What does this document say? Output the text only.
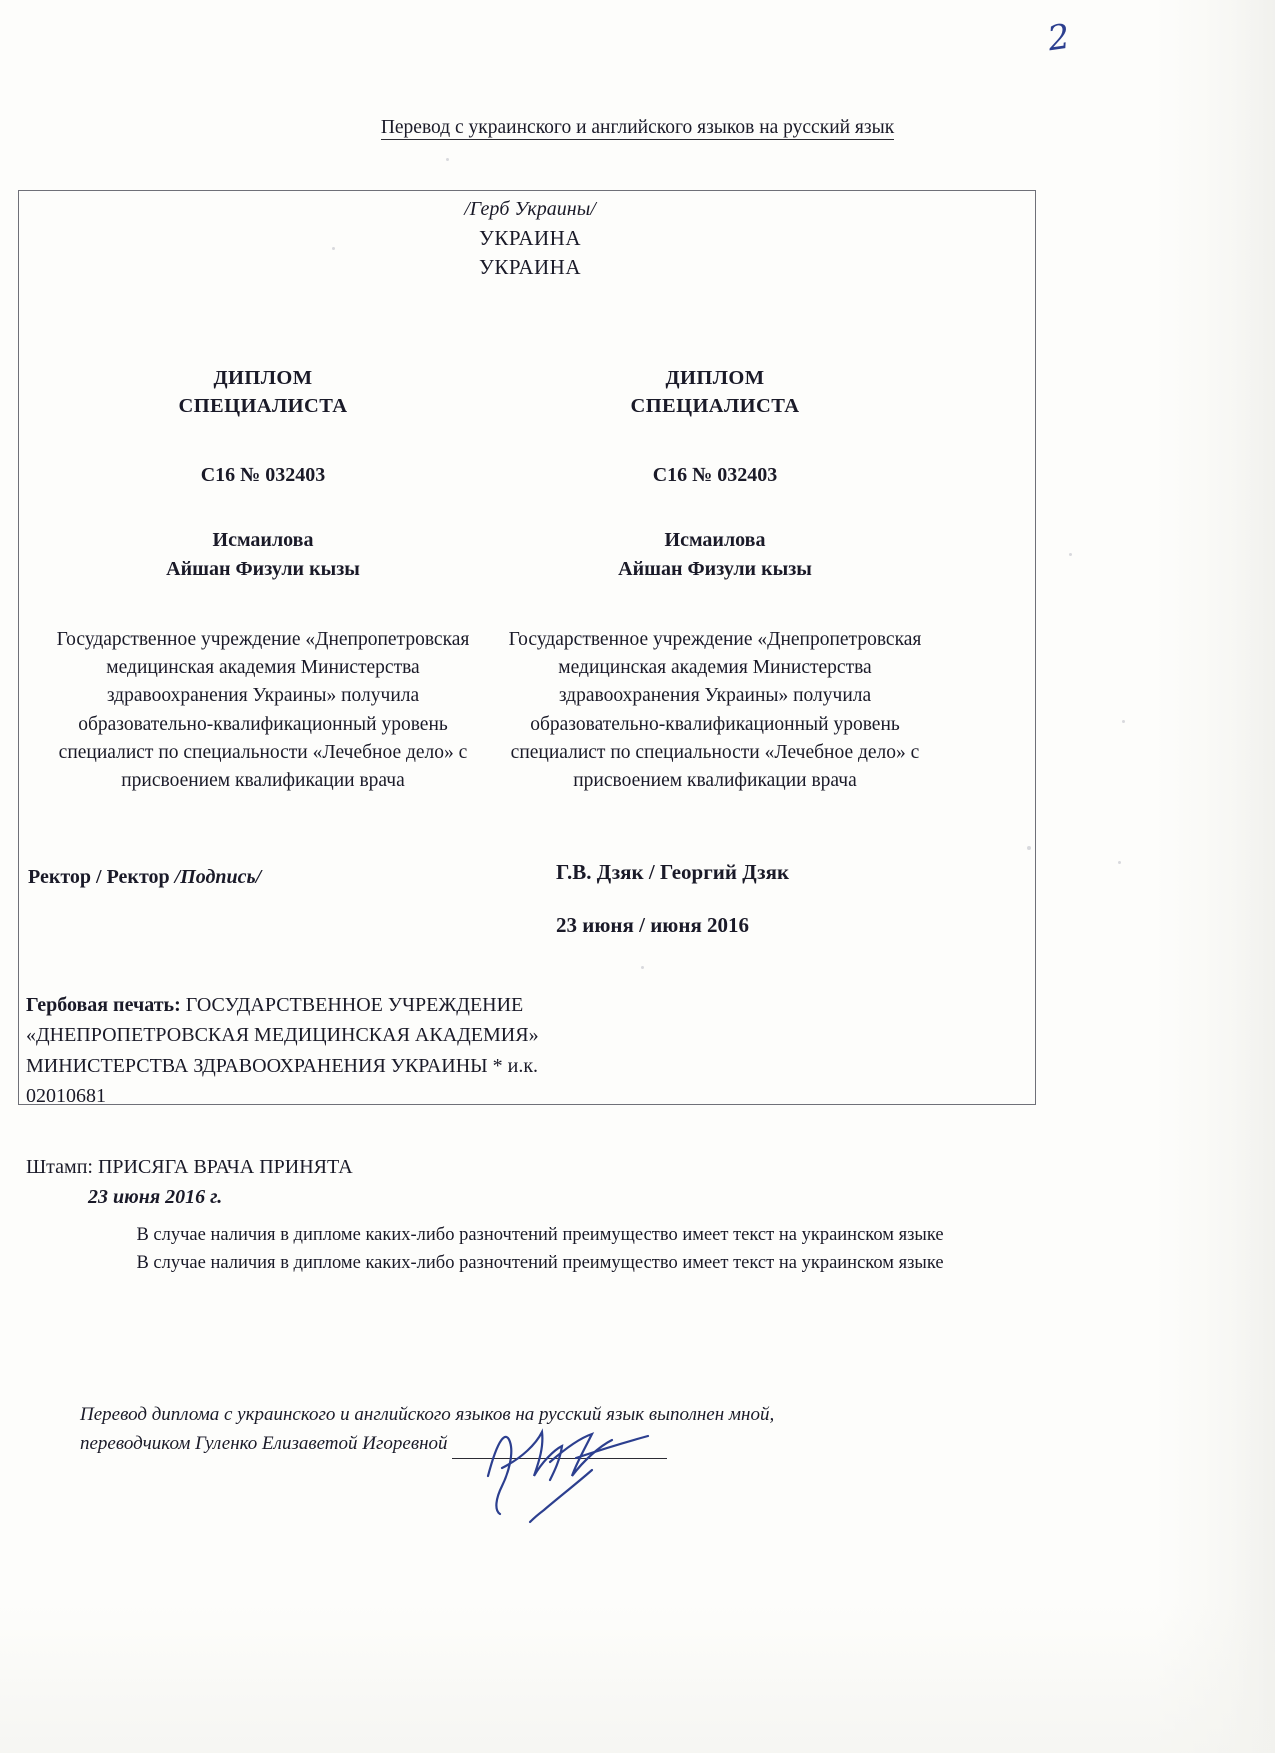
2
Перевод с украинского и английского языков на русский язык
/Герб Украины/
УКРАИНА
УКРАИНА
ДИПЛОМ
СПЕЦИАЛИСТА
С16 № 032403
Исмаилова
Айшан Физули кызы
Государственное учреждение «Днепропетровская медицинская академия Министерства здравоохранения Украины» получила образовательно-квалификационный уровень специалист по специальности «Лечебное дело» с присвоением квалификации врача
ДИПЛОМ
СПЕЦИАЛИСТА
С16 № 032403
Исмаилова
Айшан Физули кызы
Государственное учреждение «Днепропетровская медицинская академия Министерства здравоохранения Украины» получила образовательно-квалификационный уровень специалист по специальности «Лечебное дело» с присвоением квалификации врача
Ректор / Ректор /Подпись/	Г.В. Дзяк / Георгий Дзяк
23 июня / июня 2016
Гербовая печать: ГОСУДАРСТВЕННОЕ УЧРЕЖДЕНИЕ «ДНЕПРОПЕТРОВСКАЯ МЕДИЦИНСКАЯ АКАДЕМИЯ» МИНИСТЕРСТВА ЗДРАВООХРАНЕНИЯ УКРАИНЫ * и.к. 02010681
Штамп: ПРИСЯГА ВРАЧА ПРИНЯТА
23 июня 2016 г.
В случае наличия в дипломе каких-либо разночтений преимущество имеет текст на украинском языке
В случае наличия в дипломе каких-либо разночтений преимущество имеет текст на украинском языке
Перевод диплома с украинского и английского языков на русский язык выполнен мной,
переводчиком Гуленко Елизаветой Игоревной
